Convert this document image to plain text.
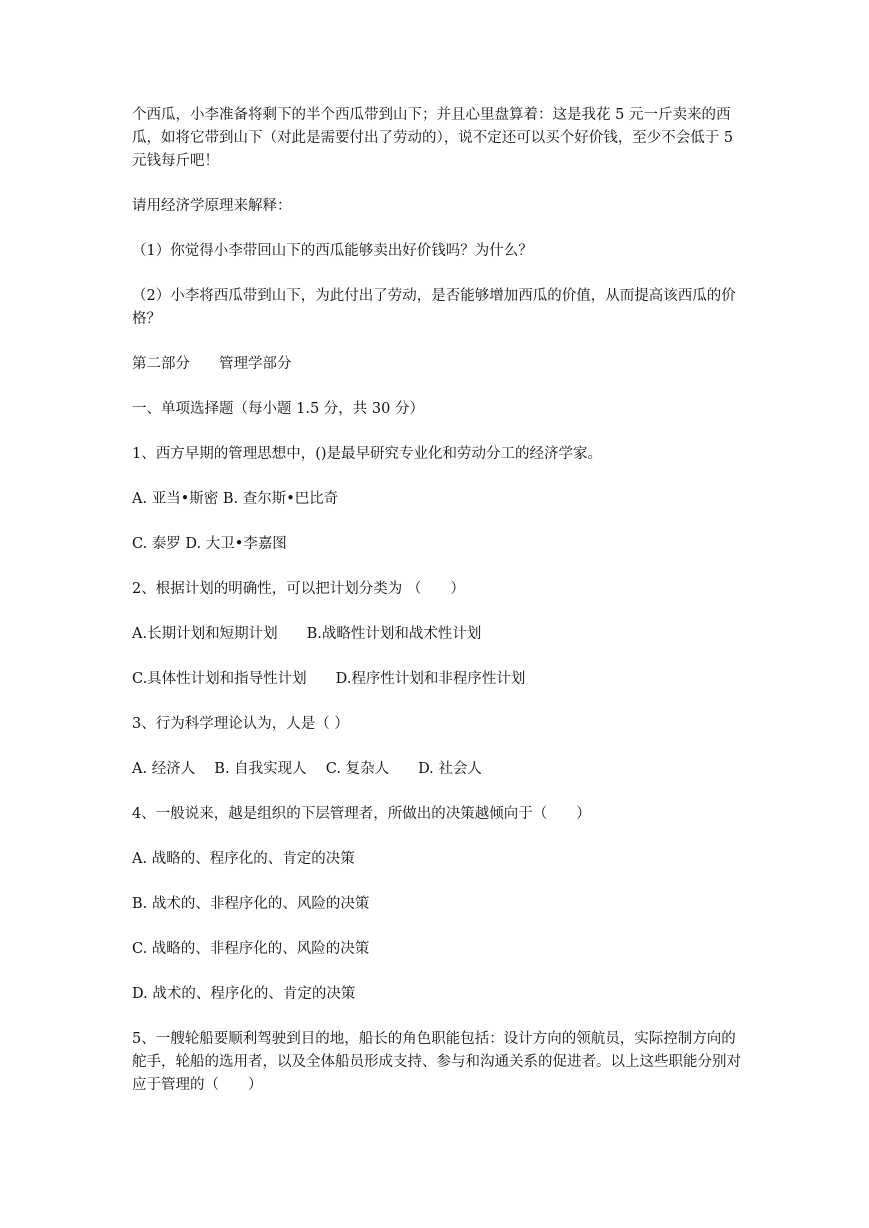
个西瓜，小李准备将剩下的半个西瓜带到山下；并且心里盘算着：这是我花 5 元一斤卖来的西瓜，如将它带到山下（对此是需要付出了劳动的），说不定还可以买个好价钱，至少不会低于 5 元钱每斤吧！

请用经济学原理来解释：

（1）你觉得小李带回山下的西瓜能够卖出好价钱吗？为什么？

（2）小李将西瓜带到山下，为此付出了劳动，是否能够增加西瓜的价值，从而提高该西瓜的价格？

第二部分　　管理学部分

一、单项选择题（每小题 1.5 分，共 30 分）

1、西方早期的管理思想中，()是最早研究专业化和劳动分工的经济学家。

A. 亚当•斯密 B. 查尔斯•巴比奇

C. 泰罗 D. 大卫•李嘉图

2、根据计划的明确性，可以把计划分类为 （　　）

A.长期计划和短期计划　　B.战略性计划和战术性计划

C.具体性计划和指导性计划　　D.程序性计划和非程序性计划

3、行为科学理论认为，人是（ ）

A. 经济人　 B. 自我实现人　 C. 复杂人　　D. 社会人

4、一般说来，越是组织的下层管理者，所做出的决策越倾向于（　　）

A. 战略的、程序化的、肯定的决策

B. 战术的、非程序化的、风险的决策

C. 战略的、非程序化的、风险的决策

D. 战术的、程序化的、肯定的决策

5、一艘轮船要顺利驾驶到目的地，船长的角色职能包括：设计方向的领航员，实际控制方向的舵手，轮船的选用者，以及全体船员形成支持、参与和沟通关系的促进者。以上这些职能分别对应于管理的（　　）
